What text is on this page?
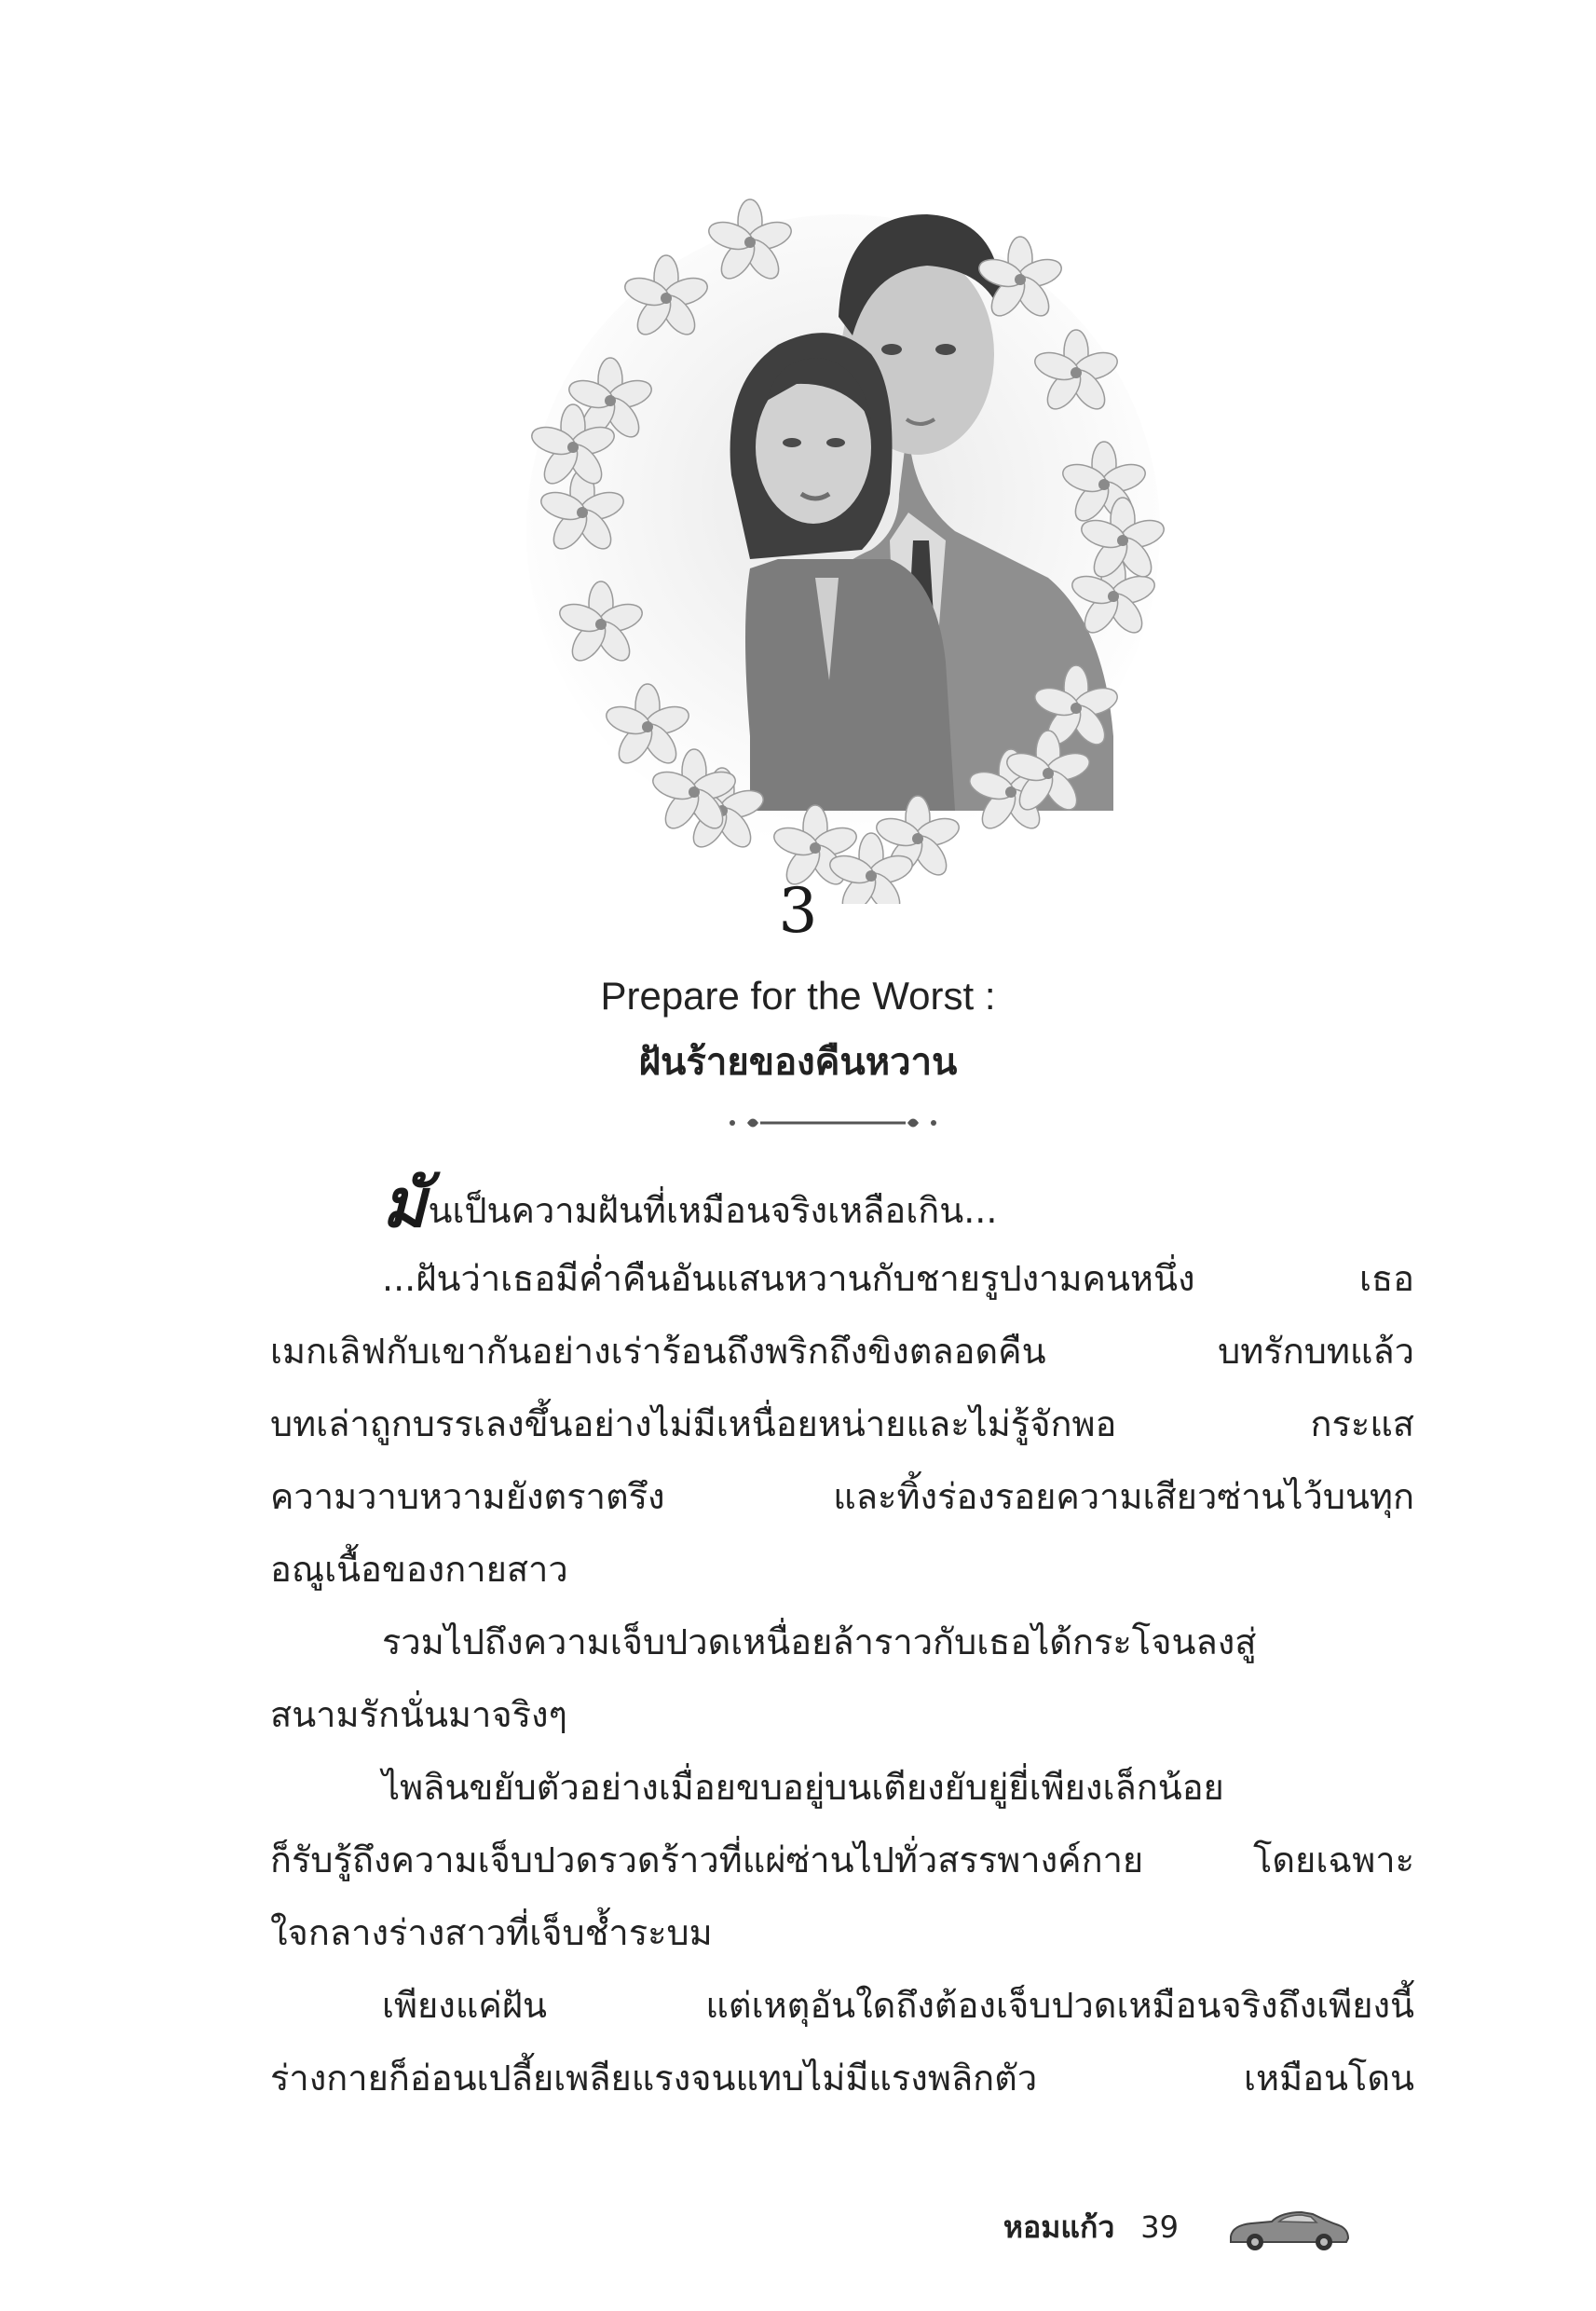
3
Prepare for the Worst :
ฝันร้ายของคืนหวาน
มันเป็นความฝันที่เหมือนจริงเหลือเกิน...
...ฝันว่าเธอมีค่ำคืนอันแสนหวานกับชายรูปงามคนหนึ่ง เธอ
เมกเลิฟกับเขากันอย่างเร่าร้อนถึงพริกถึงขิงตลอดคืน บทรักบทแล้ว
บทเล่าถูกบรรเลงขึ้นอย่างไม่มีเหนื่อยหน่ายและไม่รู้จักพอ กระแส
ความวาบหวามยังตราตรึง และทิ้งร่องรอยความเสียวซ่านไว้บนทุก
อณูเนื้อของกายสาว
รวมไปถึงความเจ็บปวดเหนื่อยล้าราวกับเธอได้กระโจนลงสู่
สนามรักนั่นมาจริงๆ
ไพลินขยับตัวอย่างเมื่อยขบอยู่บนเตียงยับยู่ยี่เพียงเล็กน้อย
ก็รับรู้ถึงความเจ็บปวดรวดร้าวที่แผ่ซ่านไปทั่วสรรพางค์กาย โดยเฉพาะ
ใจกลางร่างสาวที่เจ็บช้ำระบม
เพียงแค่ฝัน แต่เหตุอันใดถึงต้องเจ็บปวดเหมือนจริงถึงเพียงนี้
ร่างกายก็อ่อนเปลี้ยเพลียแรงจนแทบไม่มีแรงพลิกตัว เหมือนโดน
หอมแก้ว 39
